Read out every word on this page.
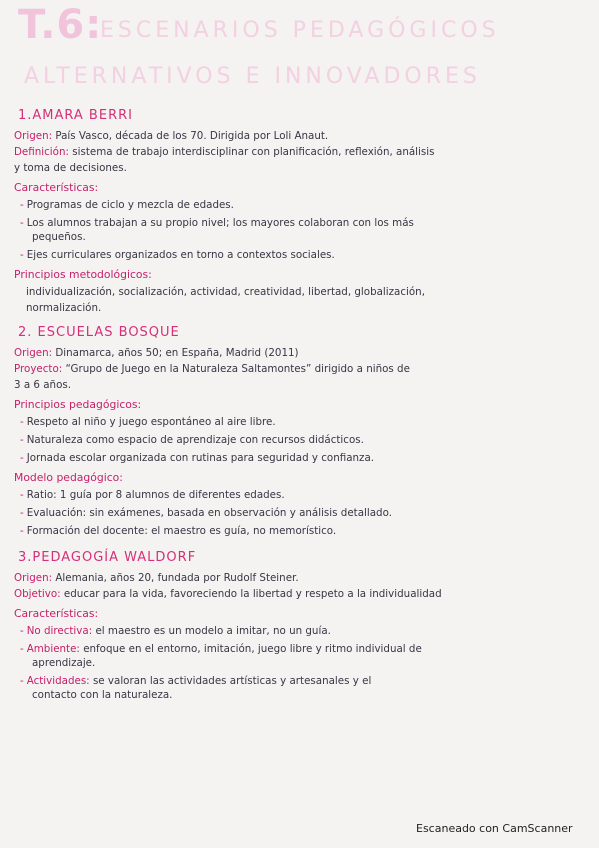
T.6:
ESCENARIOS PEDAGÓGICOS
ALTERNATIVOS E INNOVADORES
1.AMARA BERRI
Origen: País Vasco, década de los 70. Dirigida por Loli Anaut.
Definición: sistema de trabajo interdisciplinar con planificación, reflexión, análisis
y toma de decisiones.
Características:
- Programas de ciclo y mezcla de edades.
- Los alumnos trabajan a su propio nivel; los mayores colaboran con los más
pequeños.
- Ejes curriculares organizados en torno a contextos sociales.
Principios metodológicos:
individualización, socialización, actividad, creatividad, libertad, globalización,
normalización.
2. ESCUELAS BOSQUE
Origen: Dinamarca, años 50; en España, Madrid (2011)
Proyecto: “Grupo de Juego en la Naturaleza Saltamontes” dirigido a niños de
3 a 6 años.
Principios pedagógicos:
- Respeto al niño y juego espontáneo al aire libre.
- Naturaleza como espacio de aprendizaje con recursos didácticos.
- Jornada escolar organizada con rutinas para seguridad y confianza.
Modelo pedagógico:
- Ratio: 1 guía por 8 alumnos de diferentes edades.
- Evaluación: sin exámenes, basada en observación y análisis detallado.
- Formación del docente: el maestro es guía, no memorístico.
3.PEDAGOGÍA WALDORF
Origen: Alemania, años 20, fundada por Rudolf Steiner.
Objetivo: educar para la vida, favoreciendo la libertad y respeto a la individualidad
Características:
- No directiva: el maestro es un modelo a imitar, no un guía.
- Ambiente: enfoque en el entorno, imitación, juego libre y ritmo individual de
aprendizaje.
- Actividades: se valoran las actividades artísticas y artesanales y el
contacto con la naturaleza.
Escaneado con CamScanner
